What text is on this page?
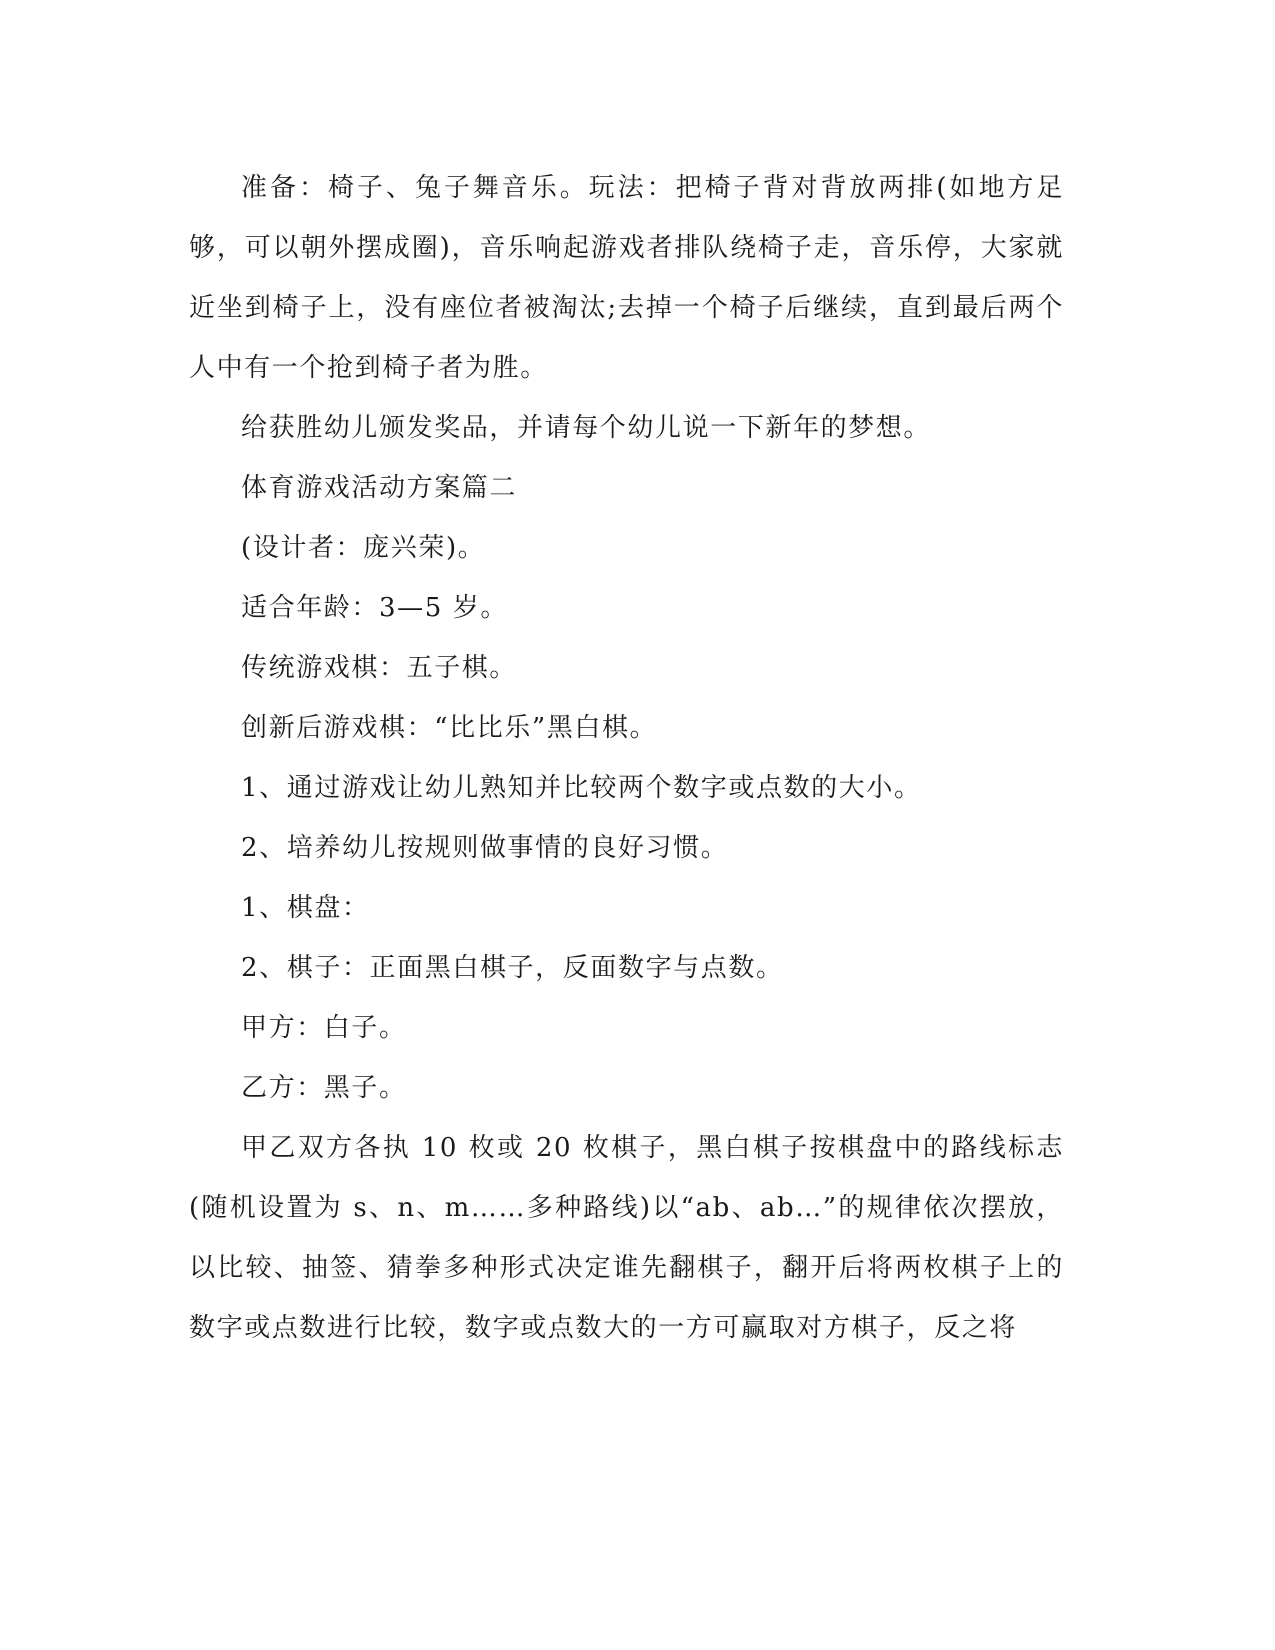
准备：椅子、兔子舞音乐。玩法：把椅子背对背放两排(如地方足够，可以朝外摆成圈)，音乐响起游戏者排队绕椅子走，音乐停，大家就近坐到椅子上，没有座位者被淘汰;去掉一个椅子后继续，直到最后两个人中有一个抢到椅子者为胜。

给获胜幼儿颁发奖品，并请每个幼儿说一下新年的梦想。

体育游戏活动方案篇二

(设计者：庞兴荣)。

适合年龄：3—5 岁。

传统游戏棋：五子棋。

创新后游戏棋：“比比乐”黑白棋。

1、通过游戏让幼儿熟知并比较两个数字或点数的大小。

2、培养幼儿按规则做事情的良好习惯。

1、棋盘：

2、棋子：正面黑白棋子，反面数字与点数。

甲方：白子。

乙方：黑子。

甲乙双方各执 10 枚或 20 枚棋子，黑白棋子按棋盘中的路线标志(随机设置为 s、n、m……多种路线)以“ab、ab…”的规律依次摆放，以比较、抽签、猜拳多种形式决定谁先翻棋子，翻开后将两枚棋子上的数字或点数进行比较，数字或点数大的一方可赢取对方棋子，反之将
